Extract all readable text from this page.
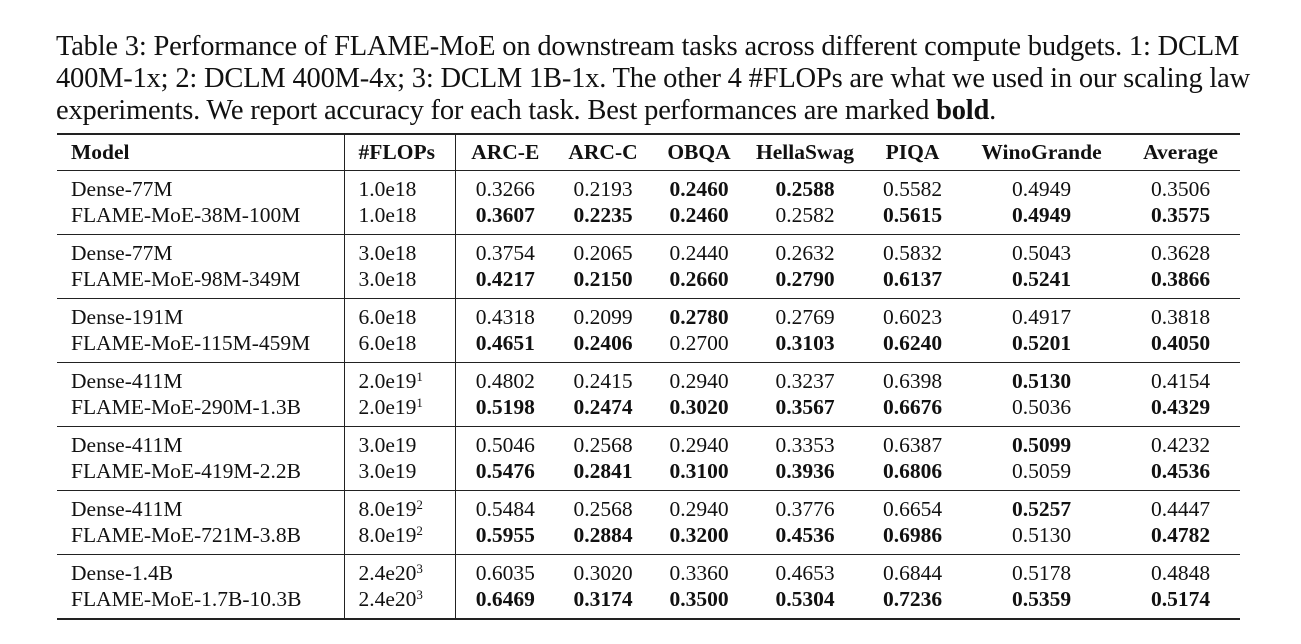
Table 3: Performance of FLAME-MoE on downstream tasks across different compute budgets. 1: DCLM 400M-1x; 2: DCLM 400M-4x; 3: DCLM 1B-1x. The other 4 #FLOPs are what we used in our scaling law experiments. We report accuracy for each task. Best performances are marked bold.
Model	#FLOPs	ARC-E	ARC-C	OBQA	HellaSwag	PIQA	WinoGrande	Average
Dense-77M	1.0e18	0.3266	0.2193	0.2460	0.2588	0.5582	0.4949	0.3506
FLAME-MoE-38M-100M	1.0e18	0.3607	0.2235	0.2460	0.2582	0.5615	0.4949	0.3575
Dense-77M	3.0e18	0.3754	0.2065	0.2440	0.2632	0.5832	0.5043	0.3628
FLAME-MoE-98M-349M	3.0e18	0.4217	0.2150	0.2660	0.2790	0.6137	0.5241	0.3866
Dense-191M	6.0e18	0.4318	0.2099	0.2780	0.2769	0.6023	0.4917	0.3818
FLAME-MoE-115M-459M	6.0e18	0.4651	0.2406	0.2700	0.3103	0.6240	0.5201	0.4050
Dense-411M	$2.0e19^1$	0.4802	0.2415	0.2940	0.3237	0.6398	0.5130	0.4154
FLAME-MoE-290M-1.3B	$2.0e19^1$	0.5198	0.2474	0.3020	0.3567	0.6676	0.5036	0.4329
Dense-411M	3.0e19	0.5046	0.2568	0.2940	0.3353	0.6387	0.5099	0.4232
FLAME-MoE-419M-2.2B	3.0e19	0.5476	0.2841	0.3100	0.3936	0.6806	0.5059	0.4536
Dense-411M	$8.0e19^2$	0.5484	0.2568	0.2940	0.3776	0.6654	0.5257	0.4447
FLAME-MoE-721M-3.8B	$8.0e19^2$	0.5955	0.2884	0.3200	0.4536	0.6986	0.5130	0.4782
Dense-1.4B	$2.4e20^3$	0.6035	0.3020	0.3360	0.4653	0.6844	0.5178	0.4848
FLAME-MoE-1.7B-10.3B	$2.4e20^3$	0.6469	0.3174	0.3500	0.5304	0.7236	0.5359	0.5174
